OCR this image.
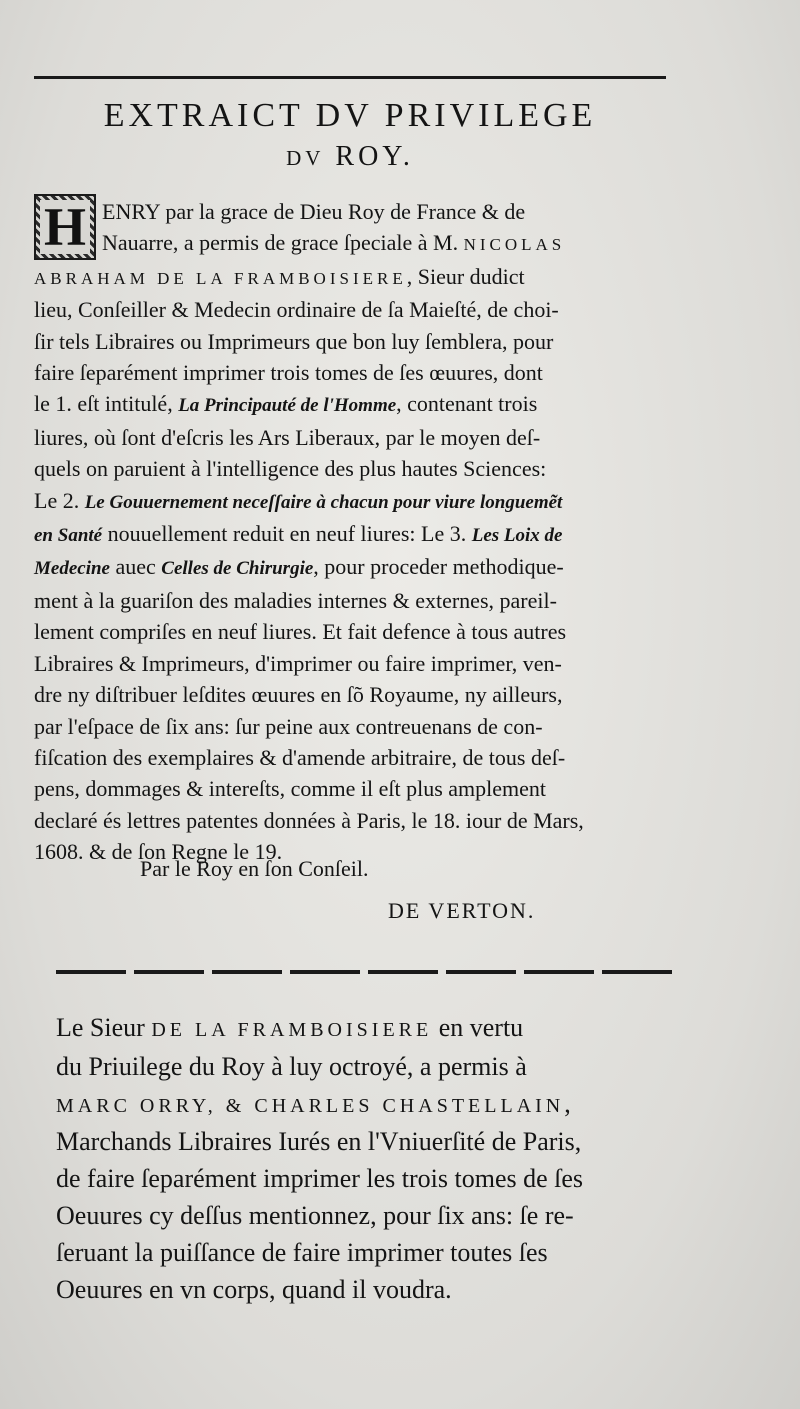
EXTRAICT DV PRIVILEGE
DV ROY.
H ENRY par la grace de Dieu Roy de France & de
Nauarre, a permis de grace ſpeciale à M. NICOLAS
ABRAHAM DE LA FRAMBOISIERE, Sieur dudict
lieu, Conſeiller & Medecin ordinaire de ſa Maieſté, de choi-
ſir tels Libraires ou Imprimeurs que bon luy ſemblera, pour
faire ſeparément imprimer trois tomes de ſes œuures, dont
le 1. eſt intitulé, La Principauté de l'Homme, contenant trois
liures, où ſont d'eſcris les Ars Liberaux, par le moyen deſ-
quels on paruient à l'intelligence des plus hautes Sciences:
Le 2. Le Gouuernement neceſſaire à chacun pour viure longuemẽt
en Santé nouuellement reduit en neuf liures: Le 3. Les Loix de
Medecine auec Celles de Chirurgie, pour proceder methodique-
ment à la guariſon des maladies internes & externes, pareil-
lement compriſes en neuf liures. Et fait defence à tous autres
Libraires & Imprimeurs, d'imprimer ou faire imprimer, ven-
dre ny diſtribuer leſdites œuures en ſõ Royaume, ny ailleurs,
par l'eſpace de ſix ans: ſur peine aux contreuenans de con-
fiſcation des exemplaires & d'amende arbitraire, de tous deſ-
pens, dommages & intereſts, comme il eſt plus amplement
declaré és lettres patentes données à Paris, le 18. iour de Mars,
1608. & de ſon Regne le 19.
Par le Roy en ſon Conſeil.
DE VERTON.
Le Sieur DE LA FRAMBOISIERE en vertu
du Priuilege du Roy à luy octroyé, a permis à
MARC ORRY, & CHARLES CHASTELLAIN,
Marchands Libraires Iurés en l'Vniuerſité de Paris,
de faire ſeparément imprimer les trois tomes de ſes
Oeuures cy deſſus mentionnez, pour ſix ans: ſe re-
ſeruant la puiſſance de faire imprimer toutes ſes
Oeuures en vn corps, quand il voudra.
